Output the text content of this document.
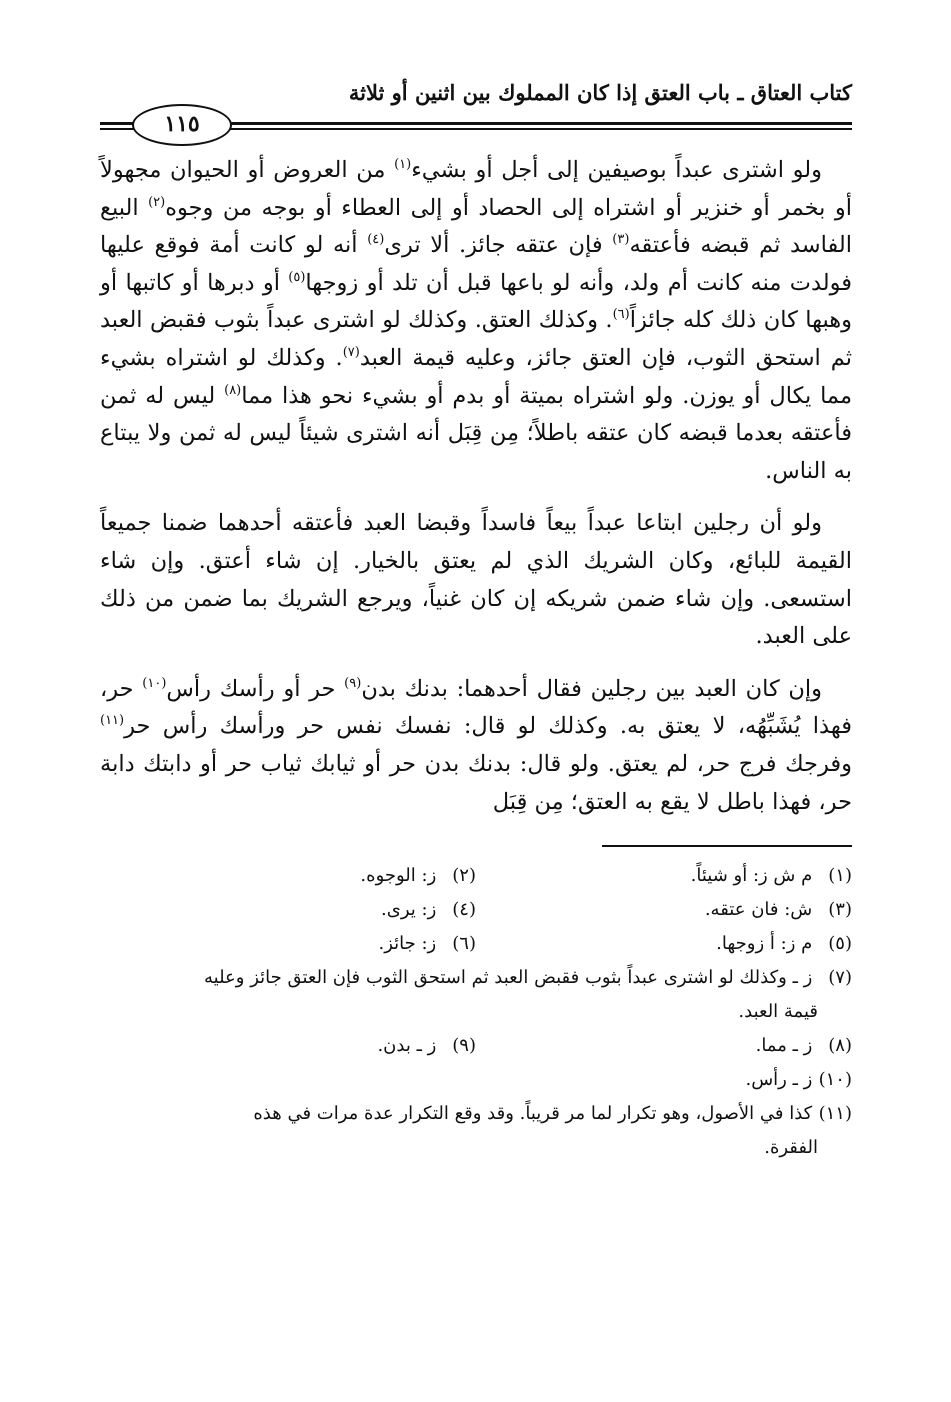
كتاب العتاق ـ باب العتق إذا كان المملوك بين اثنين أو ثلاثة
١١٥

ولو اشترى عبداً بوصيفين إلى أجل أو بشيء$^{(١)}$ من العروض أو الحيوان مجهولاً أو بخمر أو خنزير أو اشتراه إلى الحصاد أو إلى العطاء أو بوجه من وجوه$^{(٢)}$ البيع الفاسد ثم قبضه فأعتقه$^{(٣)}$ فإن عتقه جائز. ألا ترى$^{(٤)}$ أنه لو كانت أمة فوقع عليها فولدت منه كانت أم ولد، وأنه لو باعها قبل أن تلد أو زوجها$^{(٥)}$ أو دبرها أو كاتبها أو وهبها كان ذلك كله جائزاً$^{(٦)}$. وكذلك العتق. وكذلك لو اشترى عبداً بثوب فقبض العبد ثم استحق الثوب، فإن العتق جائز، وعليه قيمة العبد$^{(٧)}$. وكذلك لو اشتراه بشيء مما يكال أو يوزن. ولو اشتراه بميتة أو بدم أو بشيء نحو هذا مما$^{(٨)}$ ليس له ثمن فأعتقه بعدما قبضه كان عتقه باطلاً؛ مِن قِبَل أنه اشترى شيئاً ليس له ثمن ولا يبتاع به الناس.

ولو أن رجلين ابتاعا عبداً بيعاً فاسداً وقبضا العبد فأعتقه أحدهما ضمنا جميعاً القيمة للبائع، وكان الشريك الذي لم يعتق بالخيار. إن شاء أعتق. وإن شاء استسعى. وإن شاء ضمن شريكه إن كان غنياً، ويرجع الشريك بما ضمن من ذلك على العبد.

وإن كان العبد بين رجلين فقال أحدهما: بدنك بدن$^{(٩)}$ حر أو رأسك رأس$^{(١٠)}$ حر، فهذا يُشَبِّهُه، لا يعتق به. وكذلك لو قال: نفسك نفس حر ورأسك رأس حر$^{(١١)}$ وفرجك فرج حر، لم يعتق. ولو قال: بدنك بدن حر أو ثيابك ثياب حر أو دابتك دابة حر، فهذا باطل لا يقع به العتق؛ مِن قِبَل

(١) م ش ز: أو شيئاً.
(٢) ز: الوجوه.
(٣) ش: فان عتقه.
(٤) ز: يرى.
(٥) م ز: أ زوجها.
(٦) ز: جائز.
(٧) ز ـ وكذلك لو اشترى عبداً بثوب فقبض العبد ثم استحق الثوب فإن العتق جائز وعليه
قيمة العبد.
(٨) ز ـ مما.
(٩) ز ـ بدن.
(١٠) ز ـ رأس.
(١١) كذا في الأصول، وهو تكرار لما مر قريباً. وقد وقع التكرار عدة مرات في هذه
الفقرة.
